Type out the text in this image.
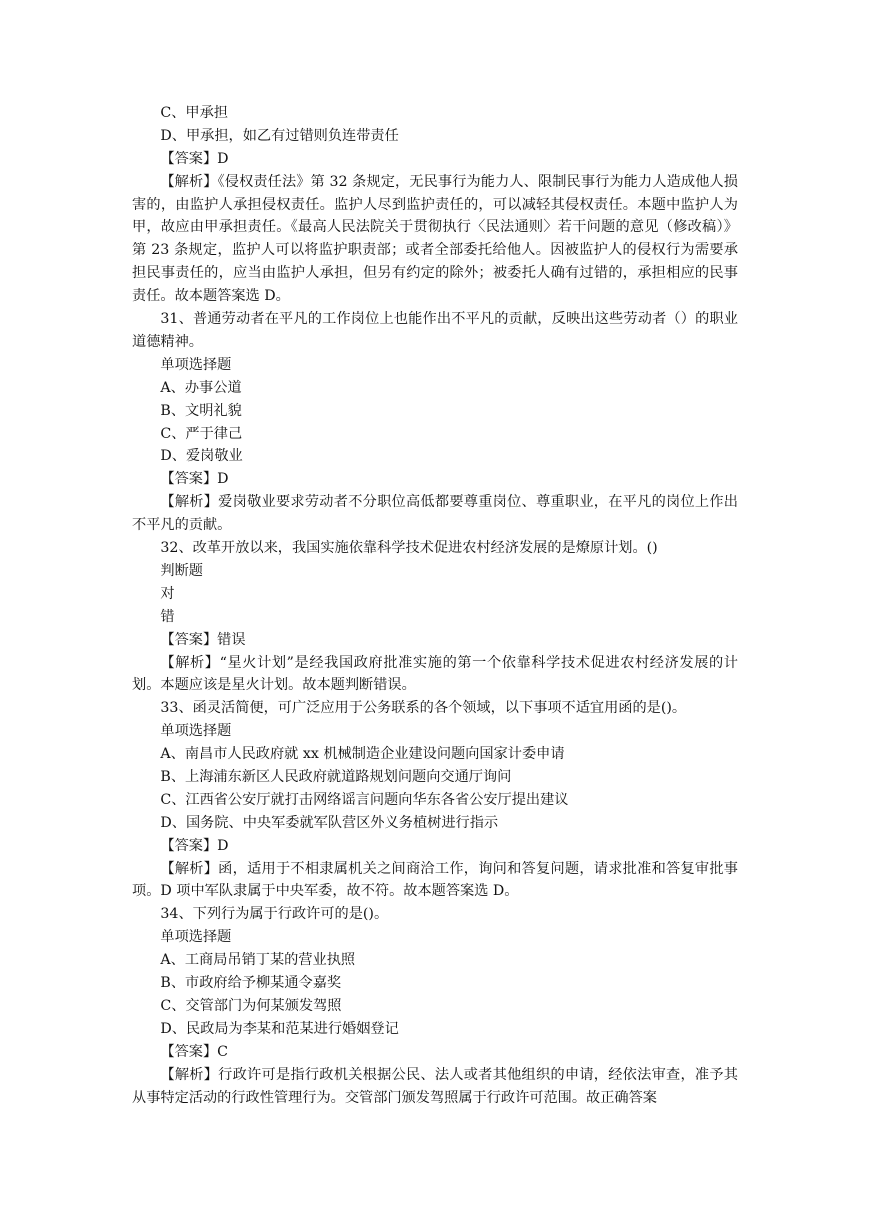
C、甲承担
D、甲承担，如乙有过错则负连带责任
【答案】D

【解析】《侵权责任法》第 32 条规定，无民事行为能力人、限制民事行为能力人造成他人损害的，由监护人承担侵权责任。监护人尽到监护责任的，可以减轻其侵权责任。本题中监护人为甲，故应由甲承担责任。《最高人民法院关于贯彻执行〈民法通则〉若干问题的意见（修改稿）》第 23 条规定，监护人可以将监护职责部；或者全部委托给他人。因被监护人的侵权行为需要承担民事责任的，应当由监护人承担，但另有约定的除外；被委托人确有过错的，承担相应的民事责任。故本题答案选 D。

31、普通劳动者在平凡的工作岗位上也能作出不平凡的贡献，反映出这些劳动者（）的职业道德精神。

单项选择题
A、办事公道
B、文明礼貌
C、严于律己
D、爱岗敬业
【答案】D

【解析】爱岗敬业要求劳动者不分职位高低都要尊重岗位、尊重职业，在平凡的岗位上作出不平凡的贡献。

32、改革开放以来，我国实施依靠科学技术促进农村经济发展的是燎原计划。()
判断题
对
错
【答案】错误

【解析】“星火计划”是经我国政府批准实施的第一个依靠科学技术促进农村经济发展的计划。本题应该是星火计划。故本题判断错误。

33、函灵活简便，可广泛应用于公务联系的各个领域，以下事项不适宜用函的是()。
单项选择题
A、南昌市人民政府就 xx 机械制造企业建设问题向国家计委申请
B、上海浦东新区人民政府就道路规划问题向交通厅询问
C、江西省公安厅就打击网络谣言问题向华东各省公安厅提出建议
D、国务院、中央军委就军队营区外义务植树进行指示
【答案】D

【解析】函，适用于不相隶属机关之间商洽工作，询问和答复问题，请求批准和答复审批事项。D 项中军队隶属于中央军委，故不符。故本题答案选 D。

34、下列行为属于行政许可的是()。
单项选择题
A、工商局吊销丁某的营业执照
B、市政府给予柳某通令嘉奖
C、交管部门为何某颁发驾照
D、民政局为李某和范某进行婚姻登记
【答案】C

【解析】行政许可是指行政机关根据公民、法人或者其他组织的申请，经依法审查，准予其从事特定活动的行政性管理行为。交管部门颁发驾照属于行政许可范围。故正确答案
